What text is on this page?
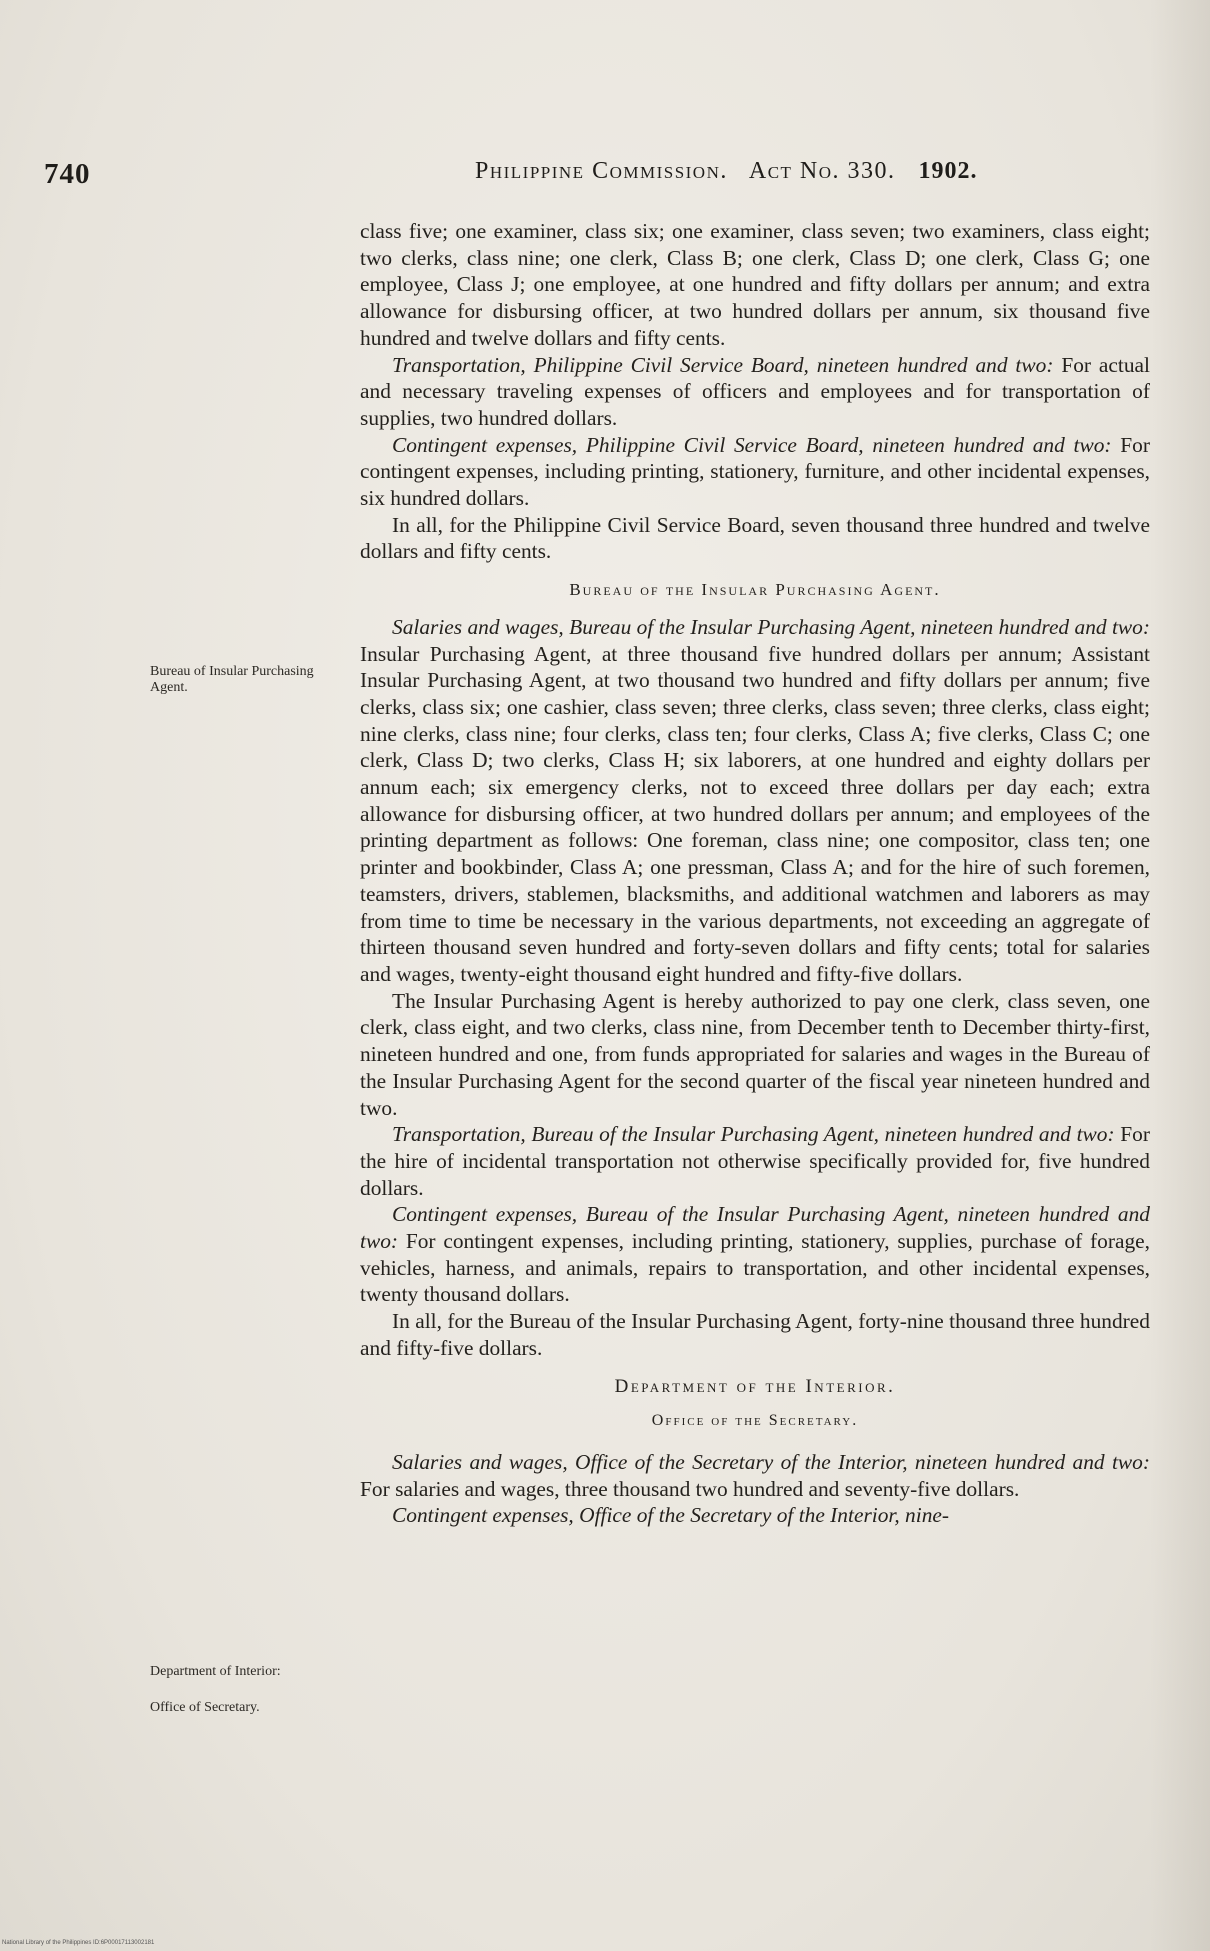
740	Philippine Commission. Act No. 330. 1902.
Bureau of Insular Purchasing Agent.
Department of Interior:
Office of Secretary.

class five; one examiner, class six; one examiner, class seven; two examiners, class eight; two clerks, class nine; one clerk, Class B; one clerk, Class D; one clerk, Class G; one employee, Class J; one employee, at one hundred and fifty dollars per annum; and extra allowance for disbursing officer, at two hundred dollars per annum, six thousand five hundred and twelve dollars and fifty cents.

Transportation, Philippine Civil Service Board, nineteen hundred and two: For actual and necessary traveling expenses of officers and employees and for transportation of supplies, two hundred dollars.

Contingent expenses, Philippine Civil Service Board, nineteen hundred and two: For contingent expenses, including printing, stationery, furniture, and other incidental expenses, six hundred dollars.

In all, for the Philippine Civil Service Board, seven thousand three hundred and twelve dollars and fifty cents.

Bureau of the Insular Purchasing Agent.

Salaries and wages, Bureau of the Insular Purchasing Agent, nineteen hundred and two: Insular Purchasing Agent, at three thousand five hundred dollars per annum; Assistant Insular Purchasing Agent, at two thousand two hundred and fifty dollars per annum; five clerks, class six; one cashier, class seven; three clerks, class seven; three clerks, class eight; nine clerks, class nine; four clerks, class ten; four clerks, Class A; five clerks, Class C; one clerk, Class D; two clerks, Class H; six laborers, at one hundred and eighty dollars per annum each; six emergency clerks, not to exceed three dollars per day each; extra allowance for disbursing officer, at two hundred dollars per annum; and employees of the printing department as follows: One foreman, class nine; one compositor, class ten; one printer and bookbinder, Class A; one pressman, Class A; and for the hire of such foremen, teamsters, drivers, stablemen, blacksmiths, and additional watchmen and laborers as may from time to time be necessary in the various departments, not exceeding an aggregate of thirteen thousand seven hundred and forty-seven dollars and fifty cents; total for salaries and wages, twenty-eight thousand eight hundred and fifty-five dollars.

The Insular Purchasing Agent is hereby authorized to pay one clerk, class seven, one clerk, class eight, and two clerks, class nine, from December tenth to December thirty-first, nineteen hundred and one, from funds appropriated for salaries and wages in the Bureau of the Insular Purchasing Agent for the second quarter of the fiscal year nineteen hundred and two.

Transportation, Bureau of the Insular Purchasing Agent, nineteen hundred and two: For the hire of incidental transportation not otherwise specifically provided for, five hundred dollars.

Contingent expenses, Bureau of the Insular Purchasing Agent, nineteen hundred and two: For contingent expenses, including printing, stationery, supplies, purchase of forage, vehicles, harness, and animals, repairs to transportation, and other incidental expenses, twenty thousand dollars.

In all, for the Bureau of the Insular Purchasing Agent, forty-nine thousand three hundred and fifty-five dollars.

Department of the Interior.

Office of the Secretary.

Salaries and wages, Office of the Secretary of the Interior, nineteen hundred and two: For salaries and wages, three thousand two hundred and seventy-five dollars.

Contingent expenses, Office of the Secretary of the Interior, nine-

National Library of the Philippines ID:6P00017113002181
